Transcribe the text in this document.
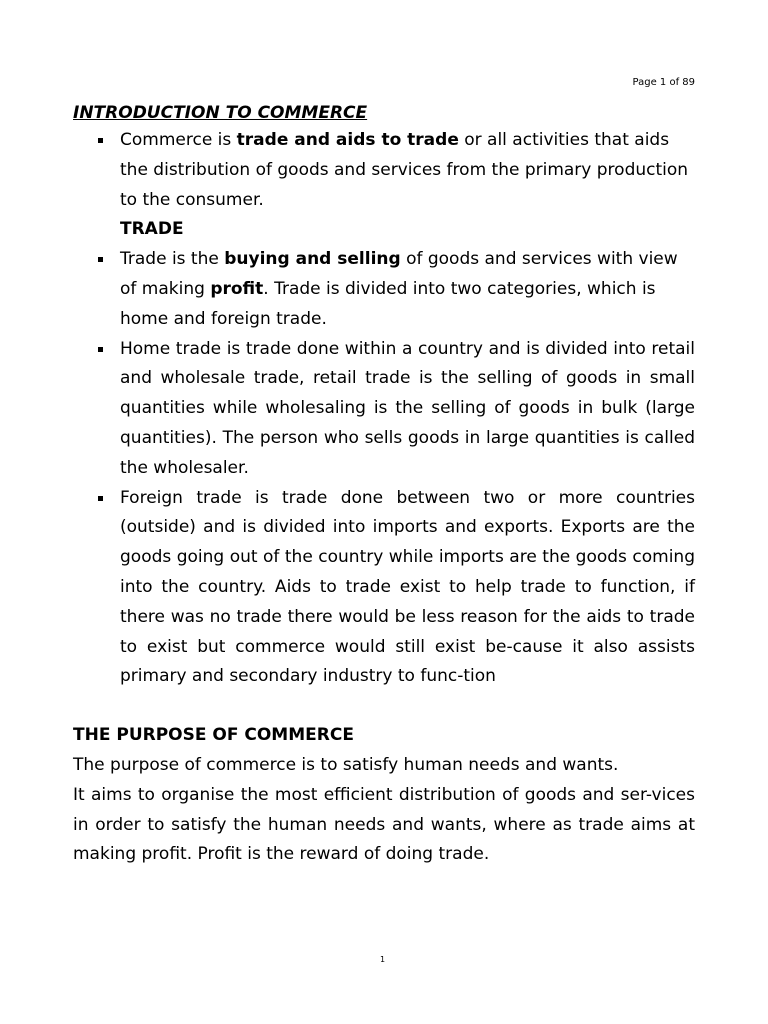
Page 1 of 89
INTRODUCTION TO COMMERCE
Commerce is trade and aids to trade or all activities that aids the distribution of goods and services from the primary production to the consumer.
TRADE
Trade is the buying and selling of goods and services with view of making profit. Trade is divided into two categories, which is home and foreign trade.
Home trade is trade done within a country and is divided into retail and wholesale trade, retail trade is the selling of goods in small quantities while wholesaling is the selling of goods in bulk (large quantities). The person who sells goods in large quantities is called the wholesaler.
Foreign trade is trade done between two or more countries (outside) and is divided into imports and exports. Exports are the goods going out of the country while imports are the goods coming into the country. Aids to trade exist to help trade to function, if there was no trade there would be less reason for the aids to trade to exist but commerce would still exist be-cause it also assists primary and secondary industry to func-tion
THE PURPOSE OF COMMERCE

The purpose of commerce is to satisfy human needs and wants.

It aims to organise the most efficient distribution of goods and ser-vices in order to satisfy the human needs and wants, where as trade aims at making profit. Profit is the reward of doing trade.

1
